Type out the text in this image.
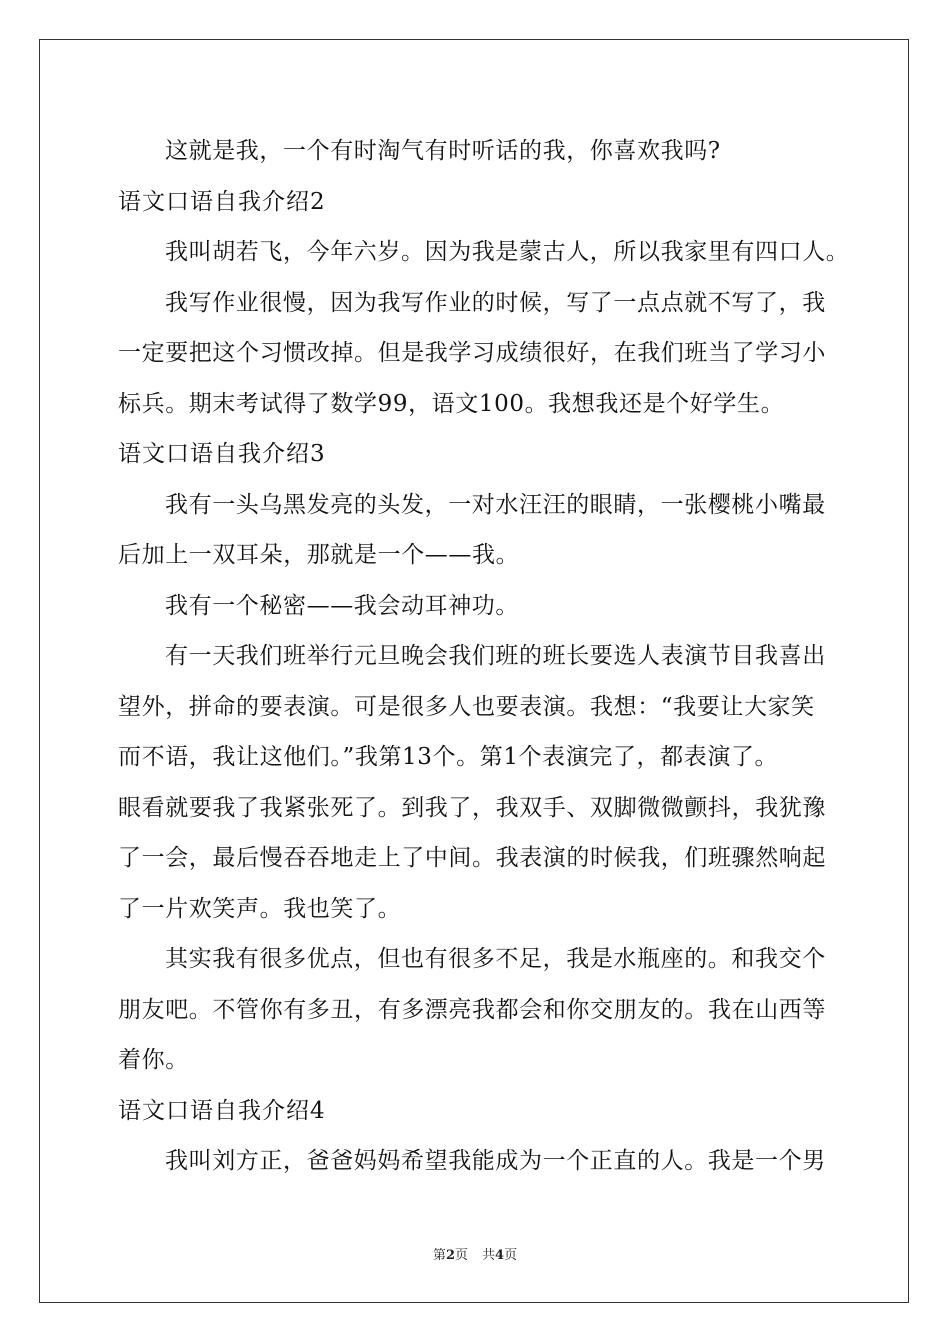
这就是我，一个有时淘气有时听话的我，你喜欢我吗?
语文口语自我介绍2
我叫胡若飞，今年六岁。因为我是蒙古人，所以我家里有四口人。
我写作业很慢，因为我写作业的时候，写了一点点就不写了，我
一定要把这个习惯改掉。但是我学习成绩很好，在我们班当了学习小
标兵。期末考试得了数学99，语文100。我想我还是个好学生。
语文口语自我介绍3
我有一头乌黑发亮的头发，一对水汪汪的眼睛，一张樱桃小嘴最
后加上一双耳朵，那就是一个——我。
我有一个秘密——我会动耳神功。
有一天我们班举行元旦晚会我们班的班长要选人表演节目我喜出
望外，拼命的要表演。可是很多人也要表演。我想：“我要让大家笑
而不语，我让这他们。”我第13个。第1个表演完了，都表演了。
眼看就要我了我紧张死了。到我了，我双手、双脚微微颤抖，我犹豫
了一会，最后慢吞吞地走上了中间。我表演的时候我，们班骤然响起
了一片欢笑声。我也笑了。
其实我有很多优点，但也有很多不足，我是水瓶座的。和我交个
朋友吧。不管你有多丑，有多漂亮我都会和你交朋友的。我在山西等
着你。
语文口语自我介绍4
我叫刘方正，爸爸妈妈希望我能成为一个正直的人。我是一个男
第2页 共4页
